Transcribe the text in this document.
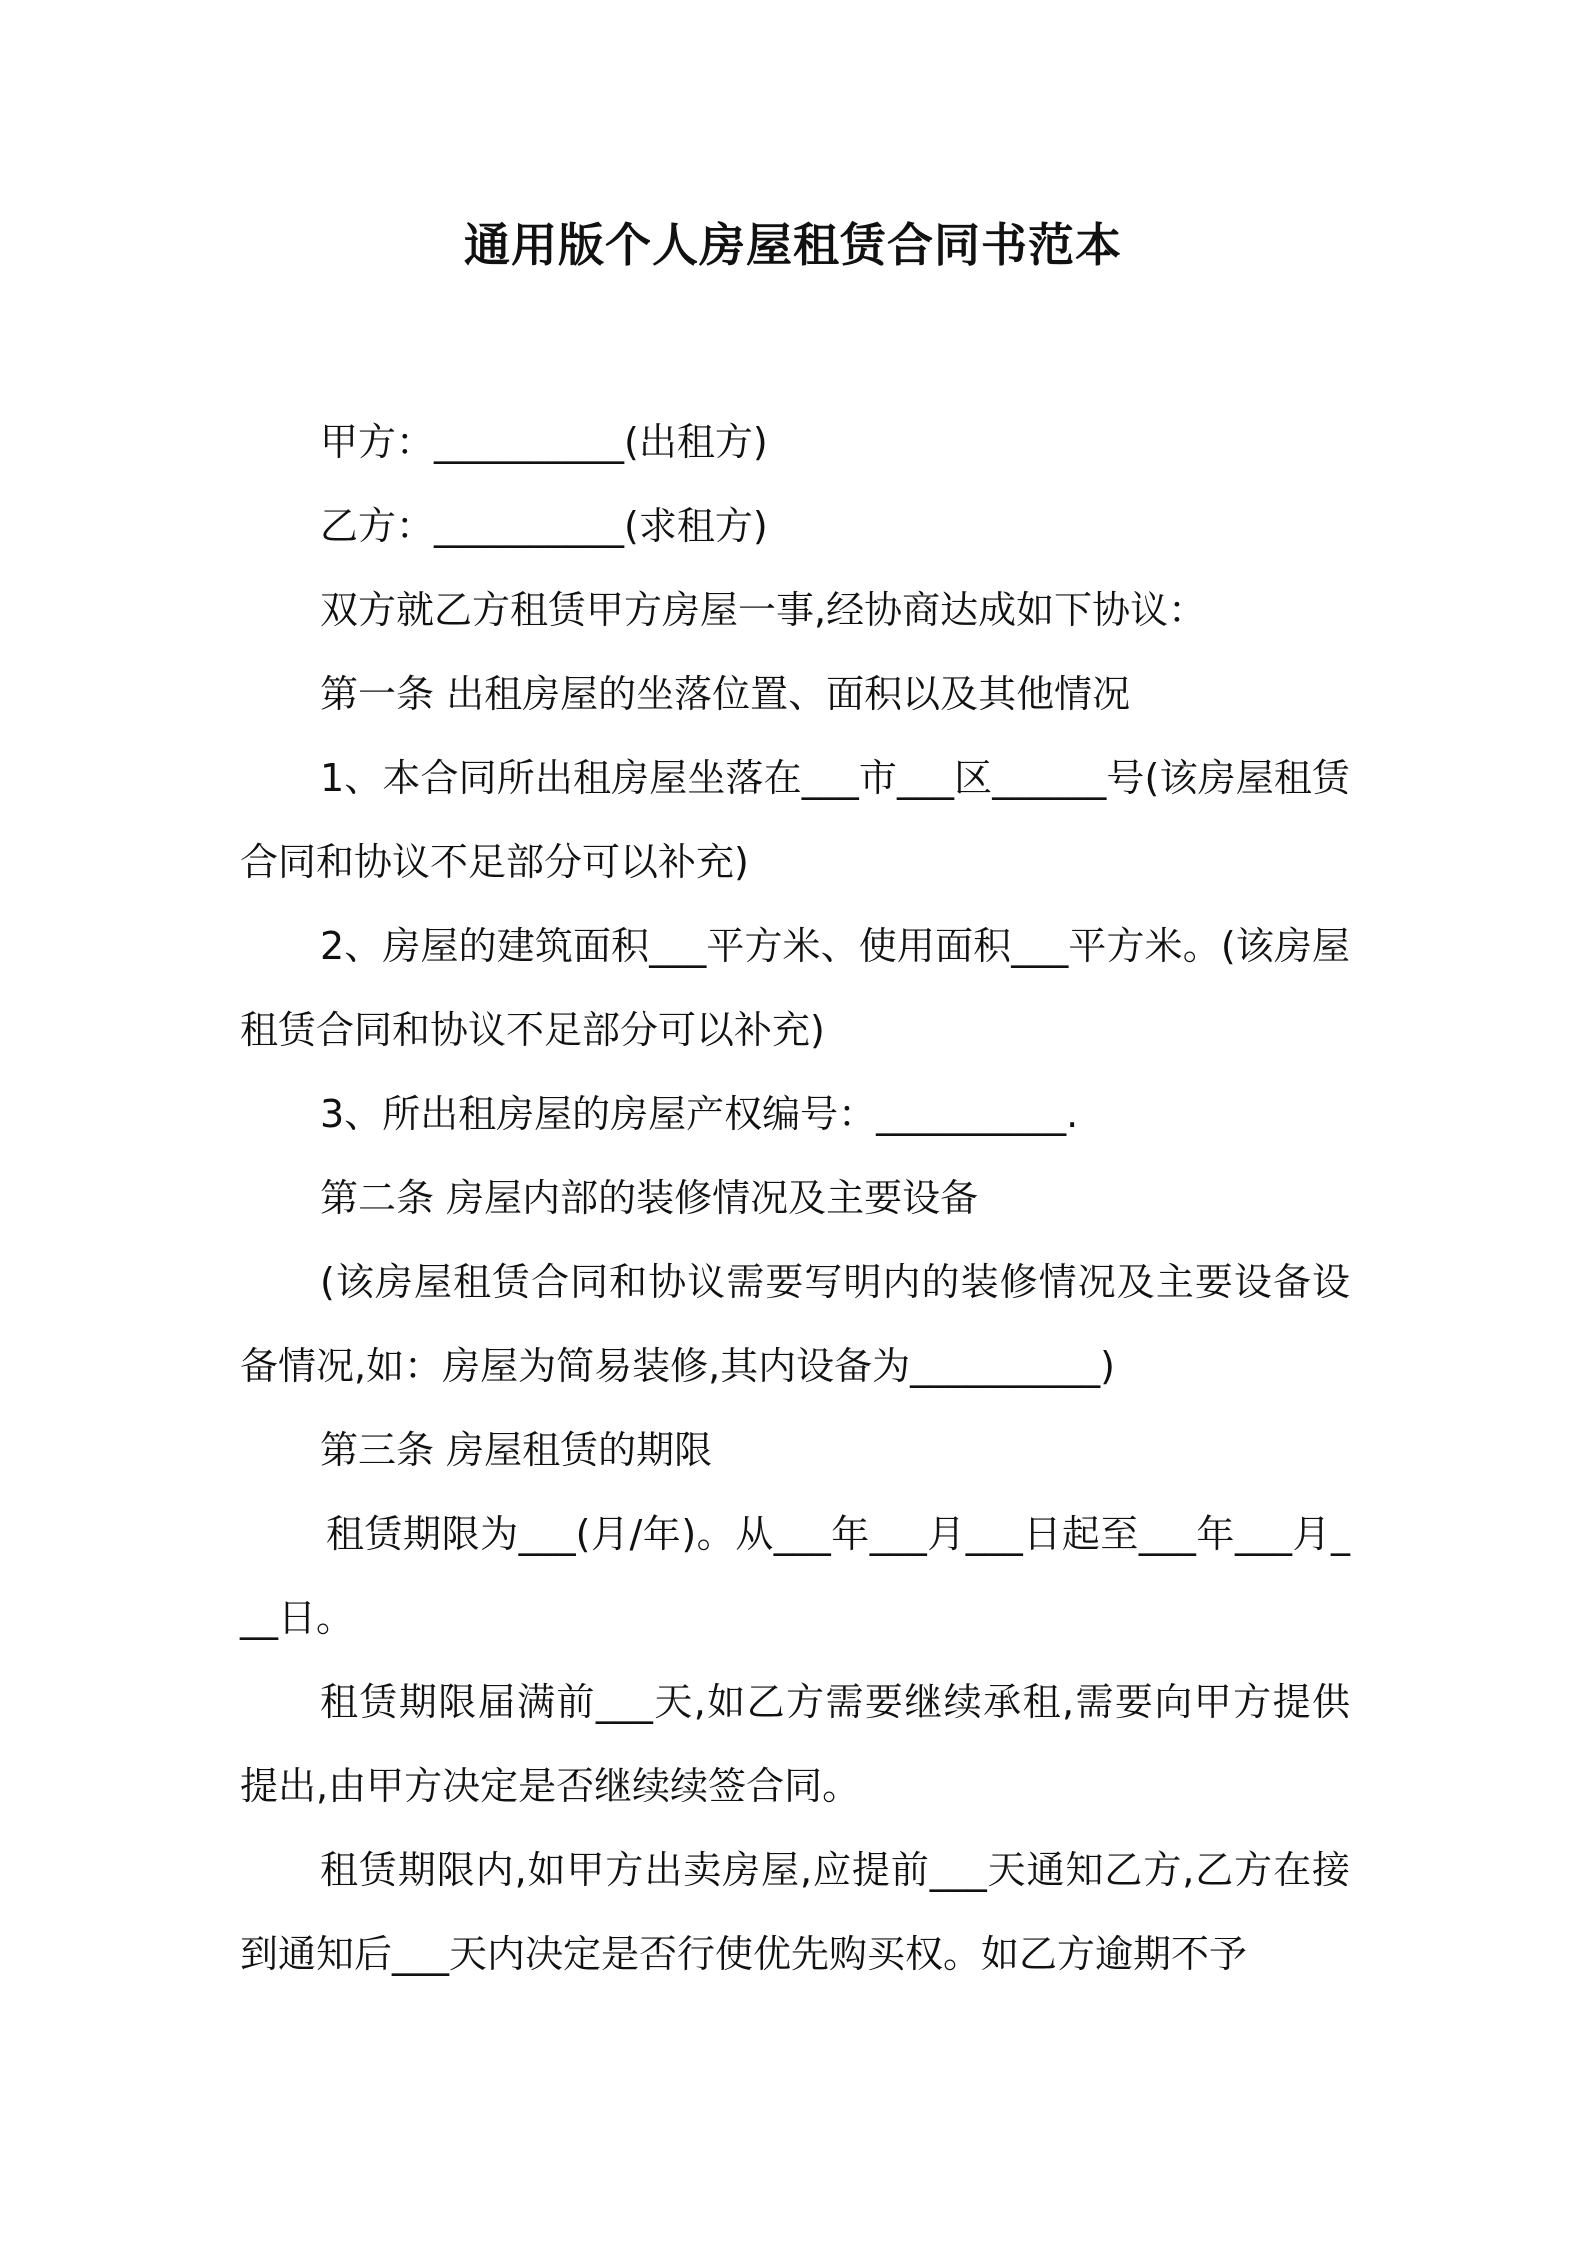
通用版个人房屋租赁合同书范本

甲方：__________(出租方)

乙方：__________(求租方)

双方就乙方租赁甲方房屋一事,经协商达成如下协议：

第一条 出租房屋的坐落位置、面积以及其他情况

1、本合同所出租房屋坐落在___市___区______号(该房屋租赁合同和协议不足部分可以补充)

2、房屋的建筑面积___平方米、使用面积___平方米。(该房屋租赁合同和协议不足部分可以补充)

3、所出租房屋的房屋产权编号：__________.

第二条 房屋内部的装修情况及主要设备

(该房屋租赁合同和协议需要写明内的装修情况及主要设备设备情况,如：房屋为简易装修,其内设备为__________)

第三条 房屋租赁的期限

租赁期限为___(月/年)。从___年___月___日起至___年___月___日。

租赁期限届满前___天,如乙方需要继续承租,需要向甲方提供提出,由甲方决定是否继续续签合同。

租赁期限内,如甲方出卖房屋,应提前___天通知乙方,乙方在接到通知后___天内决定是否行使优先购买权。如乙方逾期不予
